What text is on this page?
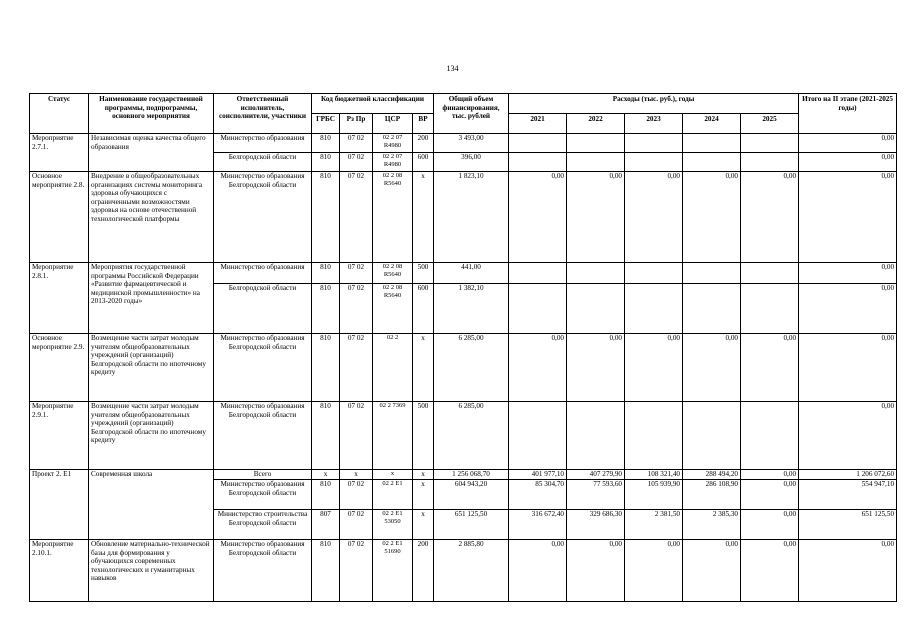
134
Статус	Наименование государственной программы, подпрограммы, основного мероприятия	Ответственный исполнитель, соисполнители, участники	Код бюджетной классификации				Общий объем финансирования, тыс. рублей	Расходы (тыс. руб.), годы					Итого на II этапе (2021-2025 годы)
			ГРБС	Рз Пр	ЦСР	ВР		2021	2022	2023	2024	2025	
Мероприятие 2.7.1.	Независимая оценка качества общего образования	Министерство образования	810	07 02	02 2 07 R4980	200	3 493,00						0,00
		Белгородской области	810	07 02	02 2 07 R4980	600	396,00						0,00
Основное мероприятие 2.8.	Внедрение в общеобразовательных организациях системы мониторинга здоровья обучающихся с ограниченными возможностями здоровья на основе отечественной технологической платформы	Министерство образования Белгородской области	810	07 02	02 2 08 R5640	x	1 823,10	0,00	0,00	0,00	0,00	0,00	0,00
Мероприятие 2.8.1.	Мероприятия государственной программы Российской Федерации «Развитие фармацевтической и медицинской промышленности» на 2013-2020 годы»	Министерство образования	810	07 02	02 2 08 R5640	500	441,00						0,00
		Белгородской области	810	07 02	02 2 08 R5640	600	1 382,10						0,00
Основное мероприятие 2.9.	Возмещение части затрат молодым учителям общеобразовательных учреждений (организаций) Белгородской области по ипотечному кредиту	Министерство образования Белгородской области	810	07 02	02 2	x	6 285,00	0,00	0,00	0,00	0,00	0,00	0,00
Мероприятие 2.9.1.	Возмещение части затрат молодым учителям общеобразовательных учреждений (организаций) Белгородской области по ипотечному кредиту	Министерство образования Белгородской области	810	07 02	02 2 7369	500	6 285,00						0,00
Проект 2. Е1	Современная школа	Всего	x	x	x	x	1 256 068,70	401 977,10	407 279,90	108 321,40	288 494,20	0,00	1 206 072,60
		Министерство образования Белгородской области	810	07 02	02 2 Е1	x	604 943,20	85 304,70	77 593,60	105 939,90	286 108,90	0,00	554 947,10
		Министерство строительства Белгородской области	807	07 02	02 2 Е1 53050	x	651 125,50	316 672,40	329 686,30	2 381,50	2 385,30	0,00	651 125,50
Мероприятие 2.10.1.	Обновление материально-технической базы для формирования у обучающихся современных технологических и гуманитарных навыков	Министерство образования Белгородской области	810	07 02	02 2 Е1 51690	200	2 885,80	0,00	0,00	0,00	0,00	0,00	0,00
